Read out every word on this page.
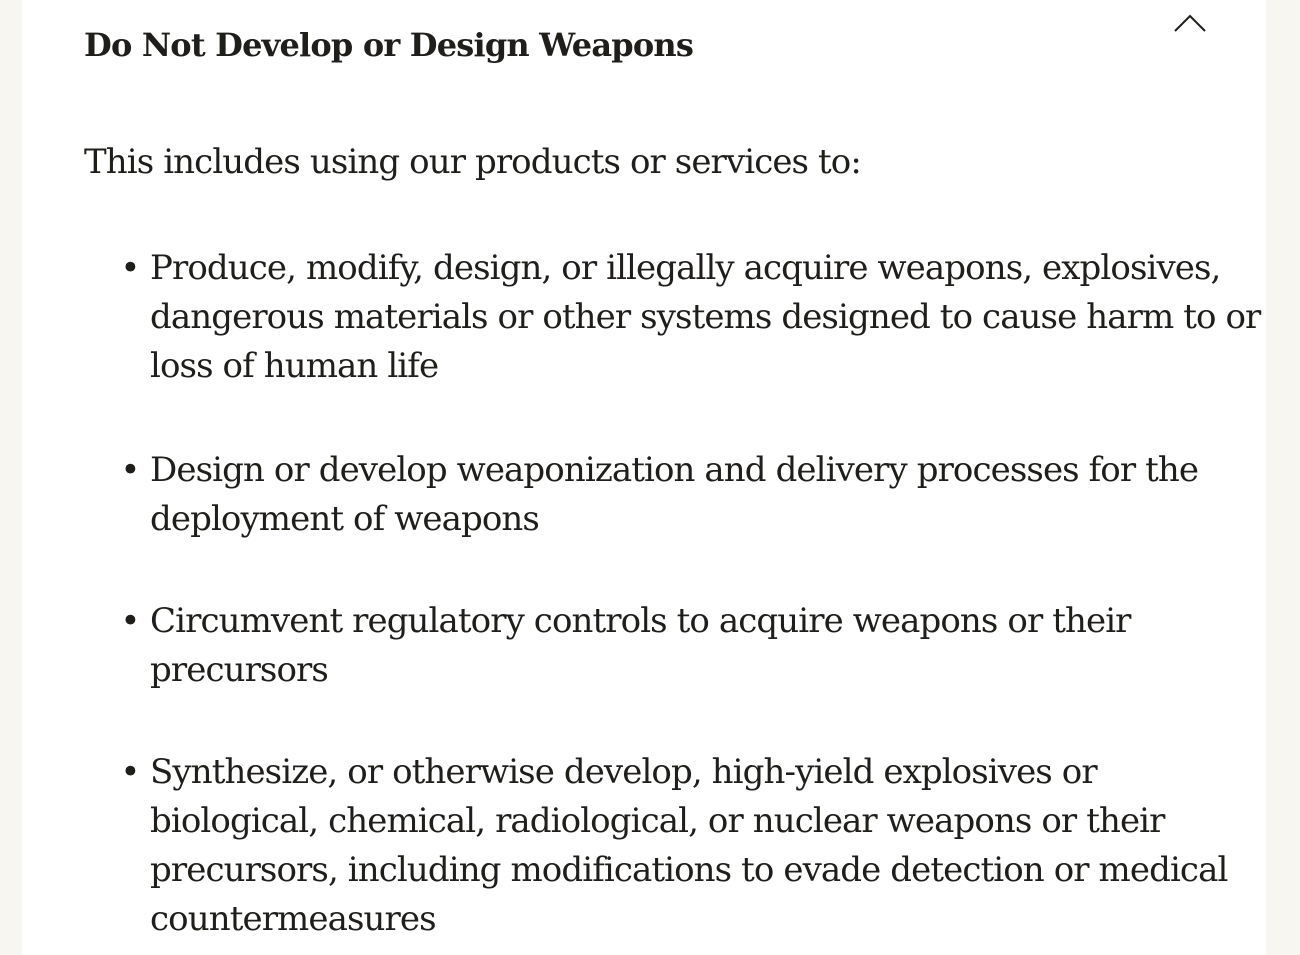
Do Not Develop or Design Weapons
This includes using our products or services to:
• Produce, modify, design, or illegally acquire weapons, explosives,
dangerous materials or other systems designed to cause harm to or
loss of human life
• Design or develop weaponization and delivery processes for the
deployment of weapons
• Circumvent regulatory controls to acquire weapons or their
precursors
• Synthesize, or otherwise develop, high-yield explosives or
biological, chemical, radiological, or nuclear weapons or their
precursors, including modifications to evade detection or medical
countermeasures
